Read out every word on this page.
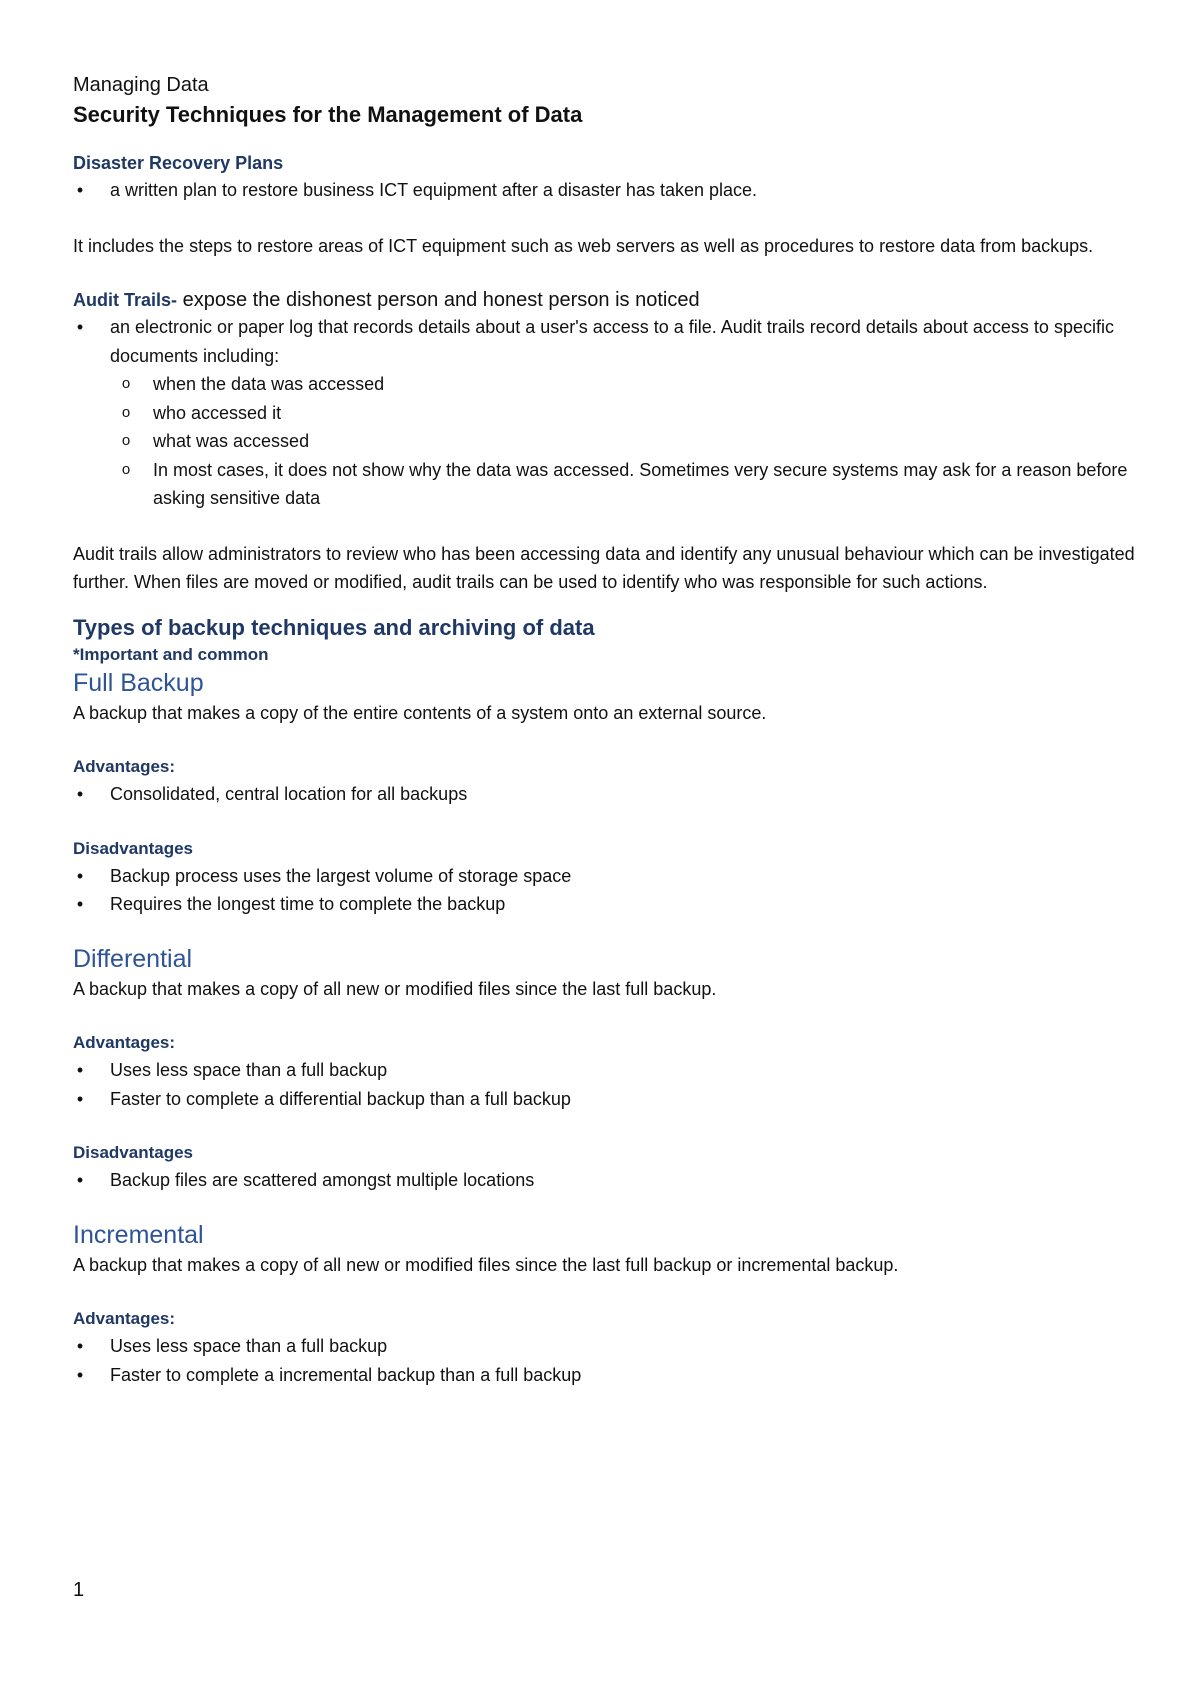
Managing Data

Security Techniques for the Management of Data

Disaster Recovery Plans

• a written plan to restore business ICT equipment after a disaster has taken place.

It includes the steps to restore areas of ICT equipment such as web servers as well as procedures to restore data from backups.

Audit Trails- expose the dishonest person and honest person is noticed

• an electronic or paper log that records details about a user's access to a file. Audit trails record details about access to specific documents including:
o when the data was accessed
o who accessed it
o what was accessed
o In most cases, it does not show why the data was accessed. Sometimes very secure systems may ask for a reason before asking sensitive data

Audit trails allow administrators to review who has been accessing data and identify any unusual behaviour which can be investigated further. When files are moved or modified, audit trails can be used to identify who was responsible for such actions.

Types of backup techniques and archiving of data

*Important and common

Full Backup

A backup that makes a copy of the entire contents of a system onto an external source.

Advantages:

• Consolidated, central location for all backups

Disadvantages

• Backup process uses the largest volume of storage space
• Requires the longest time to complete the backup

Differential

A backup that makes a copy of all new or modified files since the last full backup.

Advantages:

• Uses less space than a full backup
• Faster to complete a differential backup than a full backup

Disadvantages

• Backup files are scattered amongst multiple locations

Incremental

A backup that makes a copy of all new or modified files since the last full backup or incremental backup.

Advantages:

• Uses less space than a full backup
• Faster to complete a incremental backup than a full backup

1
